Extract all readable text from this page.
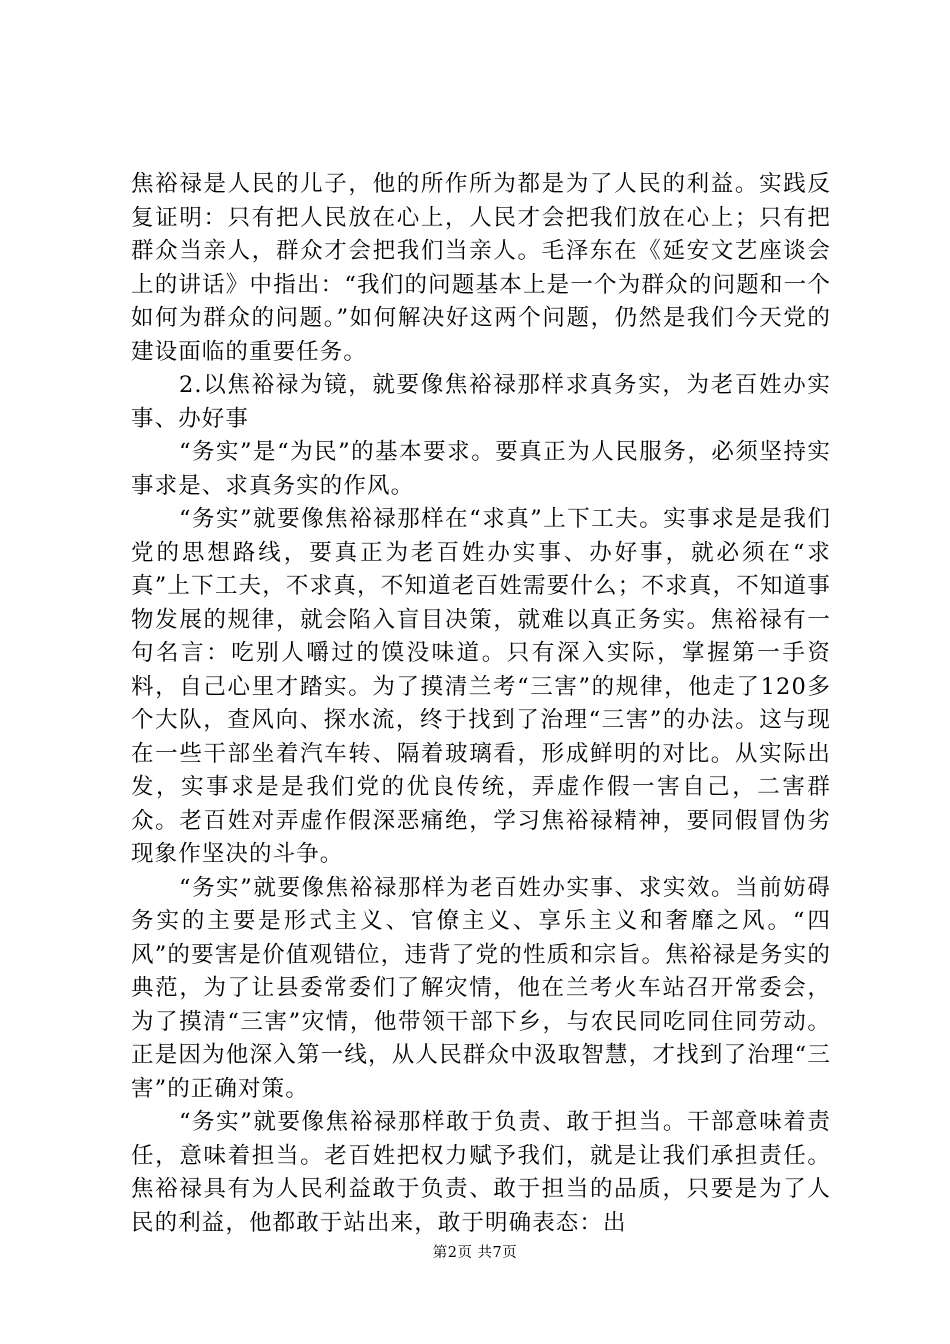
焦裕禄是人民的儿子，他的所作所为都是为了人民的利益。实践反复证明：只有把人民放在心上，人民才会把我们放在心上；只有把群众当亲人，群众才会把我们当亲人。毛泽东在《延安文艺座谈会上的讲话》中指出：“我们的问题基本上是一个为群众的问题和一个如何为群众的问题。”如何解决好这两个问题，仍然是我们今天党的建设面临的重要任务。

2.以焦裕禄为镜，就要像焦裕禄那样求真务实，为老百姓办实事、办好事

“务实”是“为民”的基本要求。要真正为人民服务，必须坚持实事求是、求真务实的作风。

“务实”就要像焦裕禄那样在“求真”上下工夫。实事求是是我们党的思想路线，要真正为老百姓办实事、办好事，就必须在“求真”上下工夫，不求真，不知道老百姓需要什么；不求真，不知道事物发展的规律，就会陷入盲目决策，就难以真正务实。焦裕禄有一句名言：吃别人嚼过的馍没味道。只有深入实际，掌握第一手资料，自己心里才踏实。为了摸清兰考“三害”的规律，他走了120多个大队，查风向、探水流，终于找到了治理“三害”的办法。这与现在一些干部坐着汽车转、隔着玻璃看，形成鲜明的对比。从实际出发，实事求是是我们党的优良传统，弄虚作假一害自己，二害群众。老百姓对弄虚作假深恶痛绝，学习焦裕禄精神，要同假冒伪劣现象作坚决的斗争。

“务实”就要像焦裕禄那样为老百姓办实事、求实效。当前妨碍务实的主要是形式主义、官僚主义、享乐主义和奢靡之风。“四风”的要害是价值观错位，违背了党的性质和宗旨。焦裕禄是务实的典范，为了让县委常委们了解灾情，他在兰考火车站召开常委会，为了摸清“三害”灾情，他带领干部下乡，与农民同吃同住同劳动。正是因为他深入第一线，从人民群众中汲取智慧，才找到了治理“三害”的正确对策。

“务实”就要像焦裕禄那样敢于负责、敢于担当。干部意味着责任，意味着担当。老百姓把权力赋予我们，就是让我们承担责任。焦裕禄具有为人民利益敢于负责、敢于担当的品质，只要是为了人民的利益，他都敢于站出来，敢于明确表态：出

第2页 共7页
